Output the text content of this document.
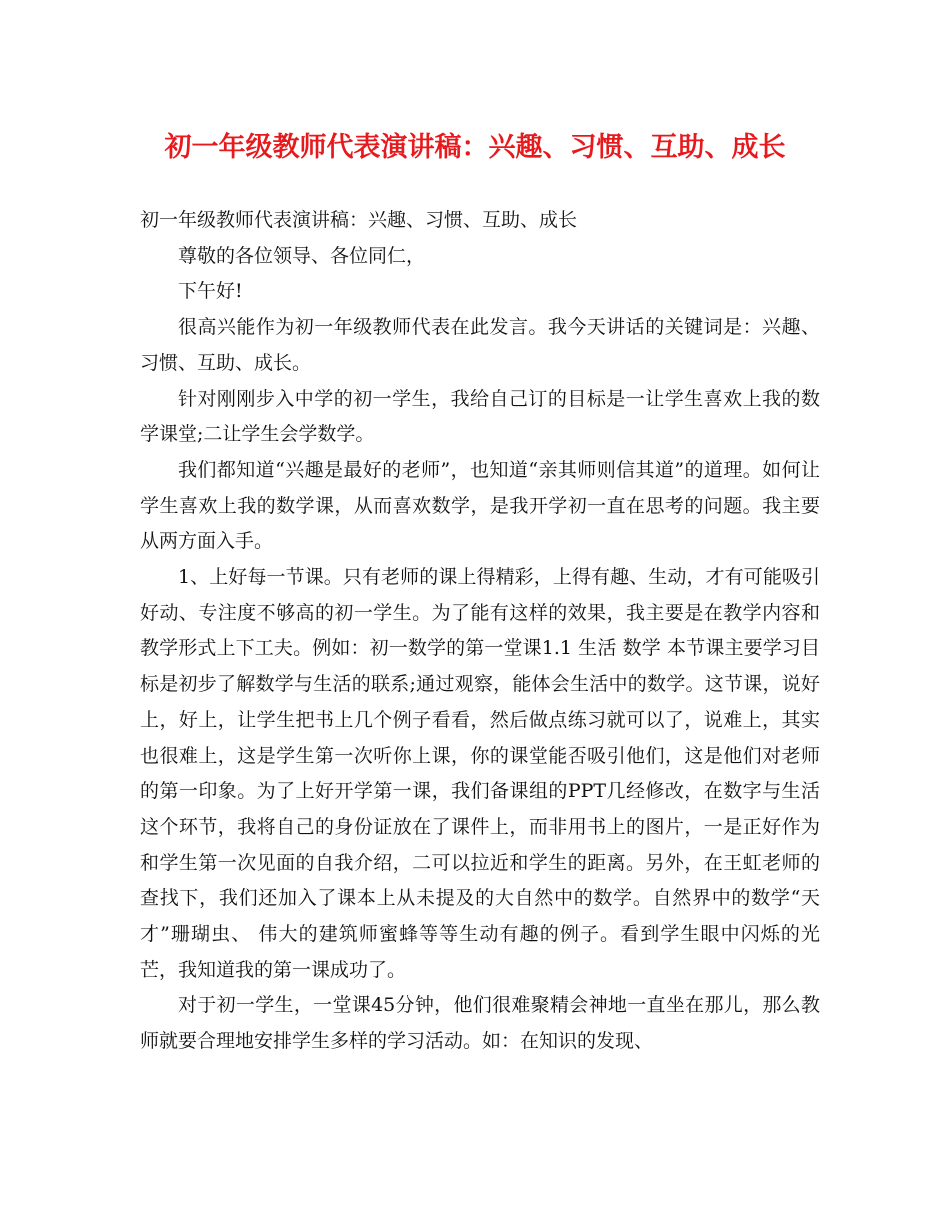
初一年级教师代表演讲稿：兴趣、习惯、互助、成长

初一年级教师代表演讲稿：兴趣、习惯、互助、成长

尊敬的各位领导、各位同仁，

下午好!

很高兴能作为初一年级教师代表在此发言。我今天讲话的关键词是：兴趣、习惯、互助、成长。

针对刚刚步入中学的初一学生，我给自己订的目标是一让学生喜欢上我的数学课堂;二让学生会学数学。

我们都知道“兴趣是最好的老师”，也知道“亲其师则信其道”的道理。如何让学生喜欢上我的数学课，从而喜欢数学，是我开学初一直在思考的问题。我主要从两方面入手。

1、上好每一节课。只有老师的课上得精彩，上得有趣、生动，才有可能吸引好动、专注度不够高的初一学生。为了能有这样的效果，我主要是在教学内容和教学形式上下工夫。例如：初一数学的第一堂课1.1 生活 数学 本节课主要学习目标是初步了解数学与生活的联系;通过观察，能体会生活中的数学。这节课，说好上，好上，让学生把书上几个例子看看，然后做点练习就可以了，说难上，其实也很难上，这是学生第一次听你上课，你的课堂能否吸引他们，这是他们对老师的第一印象。为了上好开学第一课，我们备课组的PPT几经修改，在数字与生活这个环节，我将自己的身份证放在了课件上，而非用书上的图片，一是正好作为和学生第一次见面的自我介绍，二可以拉近和学生的距离。另外，在王虹老师的查找下，我们还加入了课本上从未提及的大自然中的数学。自然界中的数学“天才”珊瑚虫、 伟大的建筑师蜜蜂等等生动有趣的例子。看到学生眼中闪烁的光芒，我知道我的第一课成功了。

对于初一学生，一堂课45分钟，他们很难聚精会神地一直坐在那儿，那么教师就要合理地安排学生多样的学习活动。如：在知识的发现、
